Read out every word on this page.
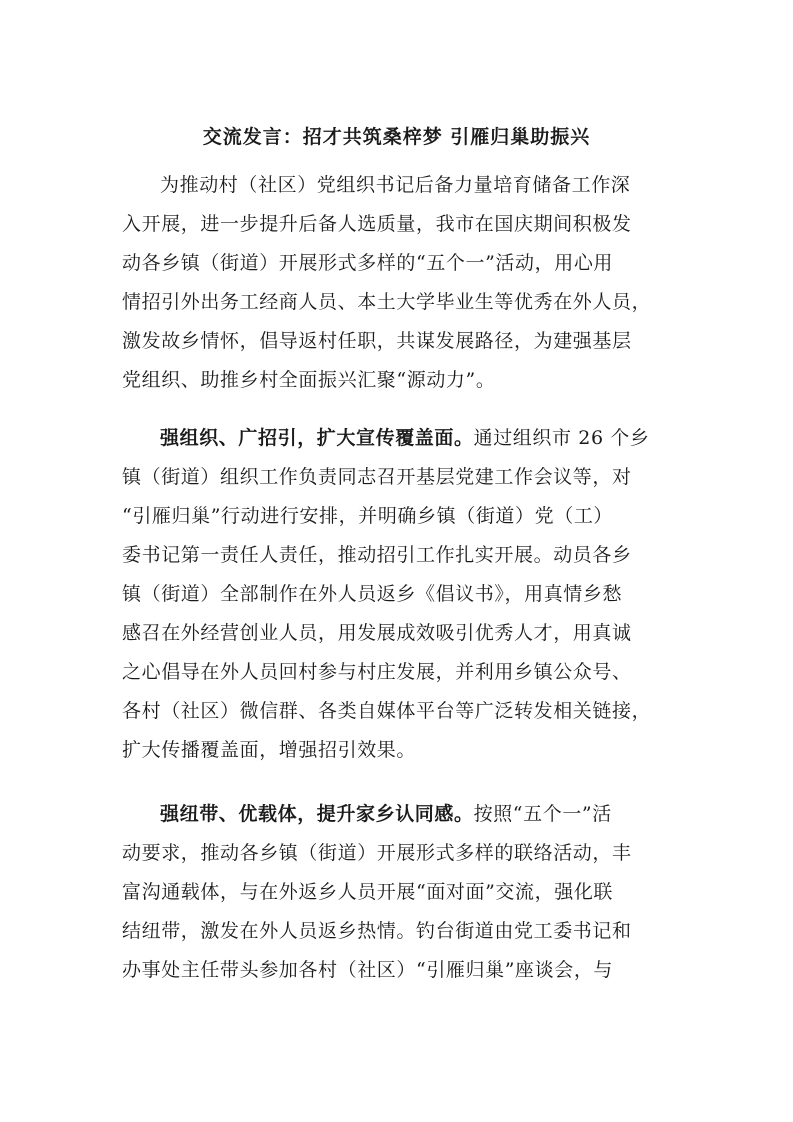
交流发言：招才共筑桑梓梦 引雁归巢助振兴
为推动村（社区）党组织书记后备力量培育储备工作深
入开展，进一步提升后备人选质量，我市在国庆期间积极发
动各乡镇（街道）开展形式多样的“五个一”活动，用心用
情招引外出务工经商人员、本土大学毕业生等优秀在外人员，
激发故乡情怀，倡导返村任职，共谋发展路径，为建强基层
党组织、助推乡村全面振兴汇聚“源动力”。
强组织、广招引，扩大宣传覆盖面。通过组织市 26 个乡
镇（街道）组织工作负责同志召开基层党建工作会议等，对
“引雁归巢”行动进行安排，并明确乡镇（街道）党（工）
委书记第一责任人责任，推动招引工作扎实开展。动员各乡
镇（街道）全部制作在外人员返乡《倡议书》，用真情乡愁
感召在外经营创业人员，用发展成效吸引优秀人才，用真诚
之心倡导在外人员回村参与村庄发展，并利用乡镇公众号、
各村（社区）微信群、各类自媒体平台等广泛转发相关链接，
扩大传播覆盖面，增强招引效果。
强纽带、优载体，提升家乡认同感。按照“五个一”活
动要求，推动各乡镇（街道）开展形式多样的联络活动，丰
富沟通载体，与在外返乡人员开展“面对面”交流，强化联
结纽带，激发在外人员返乡热情。钓台街道由党工委书记和
办事处主任带头参加各村（社区）“引雁归巢”座谈会，与
